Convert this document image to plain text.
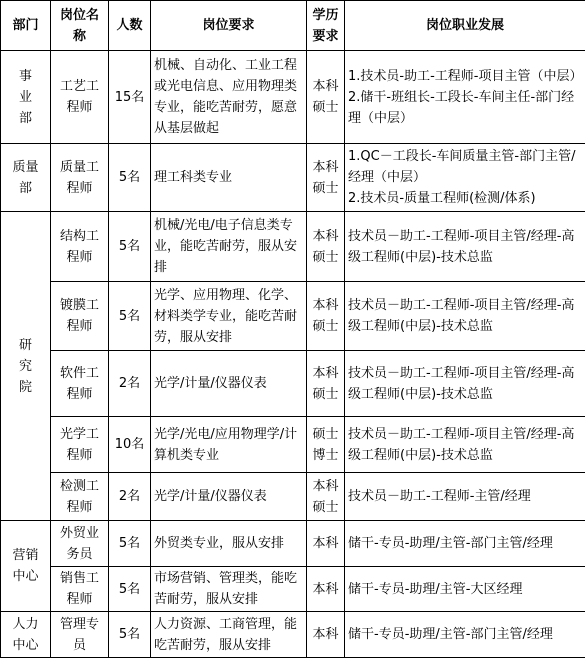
部门	岗位名称	人数	岗位要求	学历要求	岗位职业发展
事业部	工艺工程师	15名	机械、自动化、工业工程或光电信息、应用物理类专业，能吃苦耐劳，愿意从基层做起	本科硕士	1.技术员-助工-工程师-项目主管（中层）
2.储干-班组长-工段长-车间主任-部门经理（中层）

质量部	质量工程师	5名	理工科类专业	本科硕士	1.QC－工段长-车间质量主管-部门主管/经理（中层）
2.技术员-质量工程师(检测/体系)

研究院	结构工程师	5名	机械/光电/电子信息类专业，能吃苦耐劳，服从安排	本科硕士	技术员－助工-工程师-项目主管/经理-高级工程师(中层)-技术总监

	镀膜工程师	5名	光学、应用物理、化学、材料类学专业，能吃苦耐劳，服从安排	本科硕士	技术员－助工-工程师-项目主管/经理-高级工程师(中层)-技术总监

	软件工程师	2名	光学/计量/仪器仪表	本科硕士	技术员－助工-工程师-项目主管/经理-高级工程师(中层)-技术总监

	光学工程师	10名	光学/光电/应用物理学/计算机类专业	硕士博士	技术员－助工-工程师-项目主管/经理-高级工程师(中层)-技术总监

	检测工程师	2名	光学/计量/仪器仪表	本科硕士	技术员－助工-工程师-主管/经理

营销中心	外贸业务员	5名	外贸类专业，服从安排	本科	储干-专员-助理/主管-部门主管/经理

	销售工程师	5名	市场营销、管理类，能吃苦耐劳，服从安排	本科	储干-专员-助理/主管-大区经理

人力中心	管理专员	5名	人力资源、工商管理，能吃苦耐劳，服从安排	本科	储干-专员-助理/主管-部门主管/经理
